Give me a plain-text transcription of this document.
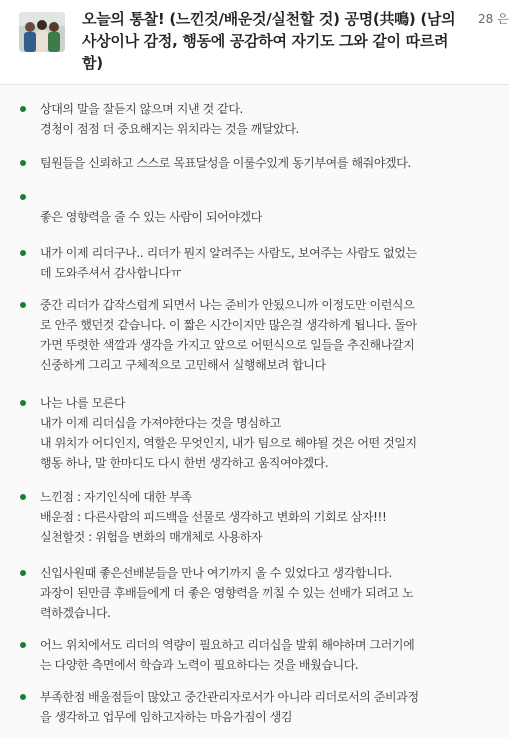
오늘의 통찰! (느낀것/배운것/실천할 것) 공명(共鳴) (남의

사상이나 감정, 행동에 공감하여 자기도 그와 같이 따르려

함)

28 은

상대의 말을 잘듣지 않으며 지낸 것 같다.

경청이 점점 더 중요해지는 위치라는 것을 깨달았다.

팀원들을 신뢰하고 스스로 목표달성을 이룰수있게 동기부여를 해줘야겠다.

좋은 영향력을 줄 수 있는 사람이 되어야겠다

내가 이제 리더구나.. 리더가 뭔지 알려주는 사람도, 보여주는 사람도 없었는

데 도와주셔서 감사합니다ㅠ

중간 리더가 갑작스럽게 되면서 나는 준비가 안됬으니까 이정도만 이런식으

로 안주 했던것 같습니다. 이 짧은 시간이지만 많은걸 생각하게 됩니다. 돌아

가면 뚜렷한 색깔과 생각을 가지고 앞으로 어떤식으로 일들을 추진해나갈지

신중하게 그리고 구체적으로 고민해서 실행해보려 합니다

나는 나를 모른다

내가 이제 리더십을 가져야한다는 것을 명심하고

내 위치가 어디인지, 역할은 무엇인지, 내가 팀으로 해야될 것은 어떤 것일지

행동 하나, 말 한마디도 다시 한번 생각하고 움직여야겠다.

느낀점 : 자기인식에 대한 부족

배운점 : 다른사람의 피드백을 선물로 생각하고 변화의 기회로 삼자!!!

실천할것 : 위험을 변화의 매개체로 사용하자

신입사원때 좋은선배분들을 만나 여기까지 올 수 있었다고 생각합니다.

과장이 된만큼 후배들에게 더 좋은 영향력을 끼칠 수 있는 선배가 되려고 노

력하겠습니다.

어느 위치에서도 리더의 역량이 필요하고 리더십을 발휘 해야하며 그러기에

는 다양한 측면에서 학습과 노력이 필요하다는 것을 배웠습니다.

부족한점 배울점들이 많았고 중간관리자로서가 아니라 리더로서의 준비과정

을 생각하고 업무에 임하고자하는 마음가짐이 생김
